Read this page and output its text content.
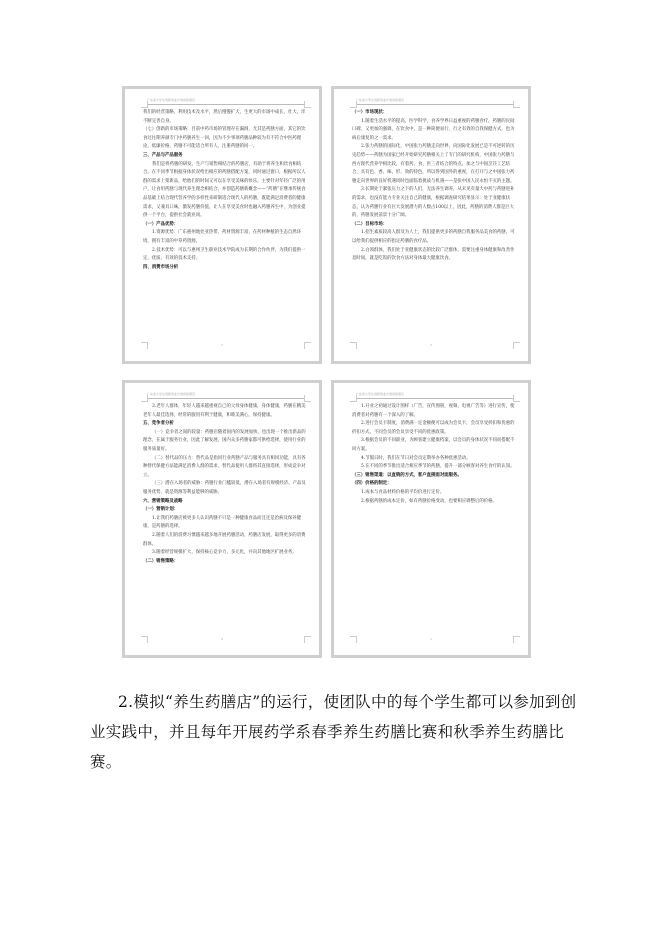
广东省大学生创新创业计划训练项目

我们的经营策略，利用技术及水平，然后慢慢扩大，生更大的市场中成长，壮大，洋不断完善自身。

（七）创新的市场策略：目前中药市场的管理存在漏洞，尤其是药膳方面，其它的饮食过往期养颜专门中药膳养生一回，因为不少事项药膳品种较为有不符合中医药理论，低廉价格，药膳不可能适合所有人，注册药膳的同一。

三、产品与产品服务

我们是将药膳的研发、生产与销售相结合的药膳店，有助于将养生和饮食相结合。在不同季节根据身体状况给出相应的药膳搭配方案，同时通过窗口，根据所以人群的需求上架新品，给他们的时间又可以在享受美味的快乐，主要针对年轻广泛的用户，让食用药膳与现代养生理念相结合，并创造药膳新概念——“药膳”在继承传统食品基础上结合现代营养学的多样性来研制适合现代人的药膳，既能满足消费者的健康需求，又兼具口味，激发药膳价值，让人在享受美食时也融入药膳养生中，为创业提供一个平台，提供社会就业岗。

（一）产品优势：

1.资源优势：广东惠州地处亚热带，药材资源丰富，在药材种植的生态自然环境，拥有丰富的中草药资源。

2.技术优势：可以与惠州卫生职业技术学院成为长期的合作伙伴，为我们提供一定、优质、有效的技术支持。

四、消费市场分析

2
广东省大学生创新创业计划训练项目

（一）市场现状：

1.随着生活水平的提高，医学科学，食养学界日益重视的药膳食疗，药膳的民间口碑，又更加的强调，在饮食中，是一种简便易行，行之有效的自我保健方式，也为病后康复的之一需求。

2.张力药膳的国际化，中国张力药膳走向世界，向国际化发展已是不可逆转的历史趋势——药膳为国家已经开始研究药膳相关上了专门的研究机构，中国张力药膳与西方现代营养学相比较，有着药、食、医三者结合的特点，加之与中国烹饪工艺结合，具有色、香、味、形、效的特色，所以得到国外的重视，在打开与之中国张力药膳走向世界的良好机遇同时也面临着挑战与机遇——是张中国人民永恒不灭的主题。

3.长期处于紧张压力之下的人们，无法养生调养，从未见有量大中药与药膳进补的需求，也没有能力专业关注自己的健康，根据调查研究结果显示：处于亚健康状态，认为药膳行业有巨大发展潜力的人数占100以上，因此，药膳的消费人群是巨大的，药膳发展前景十分广阔。

（二）目标市场：

1.招生素质较高人群及为人士，我们提供更多的药膳自我服务品美食的药膳，可以给我们提供相应的指定药膳的食疗品。

2.白领群体，我们处于亚健康状态的比较广泛群体，需要注重身体健康和改善作息时间，就是吃饭的饮食方法对身体最大健康饮食。

3
广东省大学生创新创业计划训练项目

3.老年人群体，年轻人越来越重视自己的父母身体健康，身体健康，药膳在精美老年人最佳选择，经常的服用有利于健康，和睦美满心，保持健康。

五、竞争者分析

（一）竞争者之间的较量：药膳店随着国内的发展加快，也出现一个推出新品的理念，在属于服务行业，因此了解发展，国内众多药膳家都可供给选择，使用行业的服务质量好。

（二）替代品的压力：替代品是指同行业药膳产品与服务具有相同功能，具有各种替代保健方法能满足消费人群的需求，替代品使用人群将其直接选择，形成竞争对立。

（三）潜在入场者的威胁：药膳行业门槛较低，潜在入场者有规模经济、产品及服务优势，就是资源等利益能够的威胁。

六、营销策略及战略

（一）营销计划：

1.让我们药膳店被更多人认识药膳不只是一种健康食品而且还是治病及保养健康，是药膳的选择。

2.随着人们的消费习惯越来越多地开展药膳活动，药膳店发展，取得更多的消费群体。

3.随着经营规模扩大，保持核心竞争力，多元化，并向其他地区扩展业务。

（二）销售策略：

4
广东省大学生创新创业计划训练项目

1.开业之初通过设计图样（广告，宣传图册，视频，电视广告等）进行宣传，使消费者对药膳有一个深入的了解。

2.进行会员卡制度，消费满一定金额便可以成为会员卡，会员享受折扣和优惠的折扣方式，不同会员的会员享受不同的优惠政策。

3.根据会员的不同职业，为顾客建立健康档案，以会员的身体状况不同而搭配不同方案。

4.节假日时，我们在节日对会员定期举办各种优惠活动。

5.在不同的季节推出适合相应季节的药膳，提升一部分顾客对养生食疗的认知。

（三）销售渠道：以直销的方式，客户直接面对面服务。

（四）价格的制定：

1.成本与食品材料价格的平均价进行定价。

2.根据药膳的成本定价，如有药膳价格变动，也要相应调整后的价格。

5

2.模拟“养生药膳店”的运行，使团队中的每个学生都可以参加到创业实践中，并且每年开展药学系春季养生药膳比赛和秋季养生药膳比赛。
